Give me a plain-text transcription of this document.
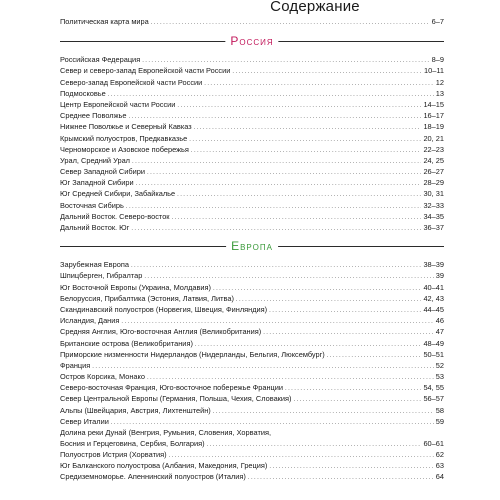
Содержание
Политическая карта мира .....	6–7
Россия
Российская Федерация .....	8–9
Север и северо-запад Европейской части России .....	10–11
Северо-запад Европейской части России .....	12
Подмосковье .....	13
Центр Европейской части России .....	14–15
Среднее Поволжье .....	16–17
Нижнее Поволжье и Северный Кавказ .....	18–19
Крымский полуостров, Предкавказье .....	20, 21
Черноморское и Азовское побережья .....	22–23
Урал, Средний Урал .....	24, 25
Север Западной Сибири .....	26–27
Юг Западной Сибири .....	28–29
Юг Средней Сибири, Забайкалье .....	30, 31
Восточная Сибирь .....	32–33
Дальний Восток. Северо-восток .....	34–35
Дальний Восток. Юг .....	36–37
Европа
Зарубежная Европа .....	38–39
Шпицберген, Гибралтар .....	39
Юг Восточной Европы (Украина, Молдавия) .....	40–41
Белоруссия, Прибалтика (Эстония, Латвия, Литва) .....	42, 43
Скандинавский полуостров (Норвегия, Швеция, Финляндия) .....	44–45
Исландия, Дания .....	46
Средняя Англия, Юго-восточная Англия (Великобритания) .....	47
Британские острова (Великобритания) .....	48–49
Приморские низменности Нидерландов (Нидерланды, Бельгия, Люксембург) .....	50–51
Франция .....	52
Остров Корсика, Монако .....	53
Северо-восточная Франция, Юго-восточное побережье Франции .....	54, 55
Север Центральной Европы (Германия, Польша, Чехия, Словакия) .....	56–57
Альпы (Швейцария, Австрия, Лихтенштейн) .....	58
Север Италии .....	59
Долина реки Дунай (Венгрия, Румыния, Словения, Хорватия,
Босния и Герцеговина, Сербия, Болгария) .....	60–61
Полуостров Истрия (Хорватия) .....	62
Юг Балканского полуострова (Албания, Македония, Греция) .....	63
Средиземноморье. Апеннинский полуостров (Италия) .....	64
